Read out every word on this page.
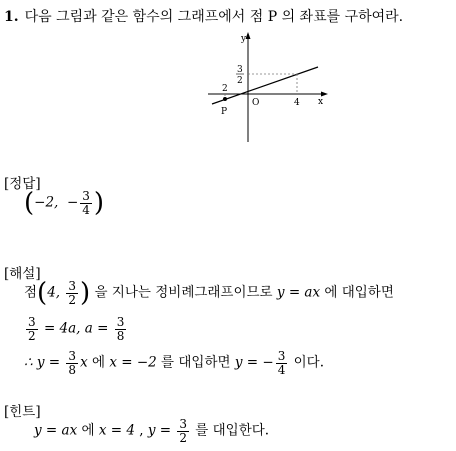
1. 다음 그림과 같은 함수의 그래프에서 점 P 의 좌표를 구하여라.
y
x
O
3
2
4
2
P
[정답]
(−2, − $\frac{3}{4}$ )
[해설]
점(4, $\frac{3}{2}$ ) 을 지나는 정비례그래프이므로 y = ax 에 대입하면
$\frac{3}{2} = 4a$, $a = \frac{3}{8}$
∴ $y = \frac{3}{8}$ x 에 x = −2 를 대입하면 y = − $\frac{3}{4}$ 이다.
[힌트]
y = ax 에 x = 4 , $y = \frac{3}{2}$ 를 대입한다.
